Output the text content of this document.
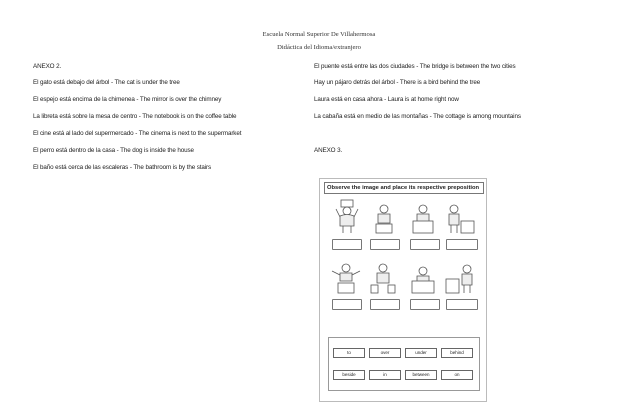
Escuela Normal Superior De Villahermosa
Didáctica del Idioma/extranjero
ANEXO 2.
El gato está debajo del árbol - The cat is under the tree
El espejo está encima de la chimenea - The mirror is over the chimney
La libreta está sobre la mesa de centro - The notebook is on the coffee table
El cine está al lado del supermercado - The cinema is next to the supermarket
El perro está dentro de la casa - The dog is inside the house
El baño está cerca de las escaleras - The bathroom is by the stairs
El puente está entre las dos ciudades - The bridge is between the two cities
Hay un pájaro detrás del árbol - There is a bird behind the tree
Laura está en casa ahora - Laura is at home right now
La cabaña está en medio de las montañas - The cottage is among mountains
ANEXO 3.
Observe the image and place its respective preposition
to	over	under	behind
beside	in	between	on
